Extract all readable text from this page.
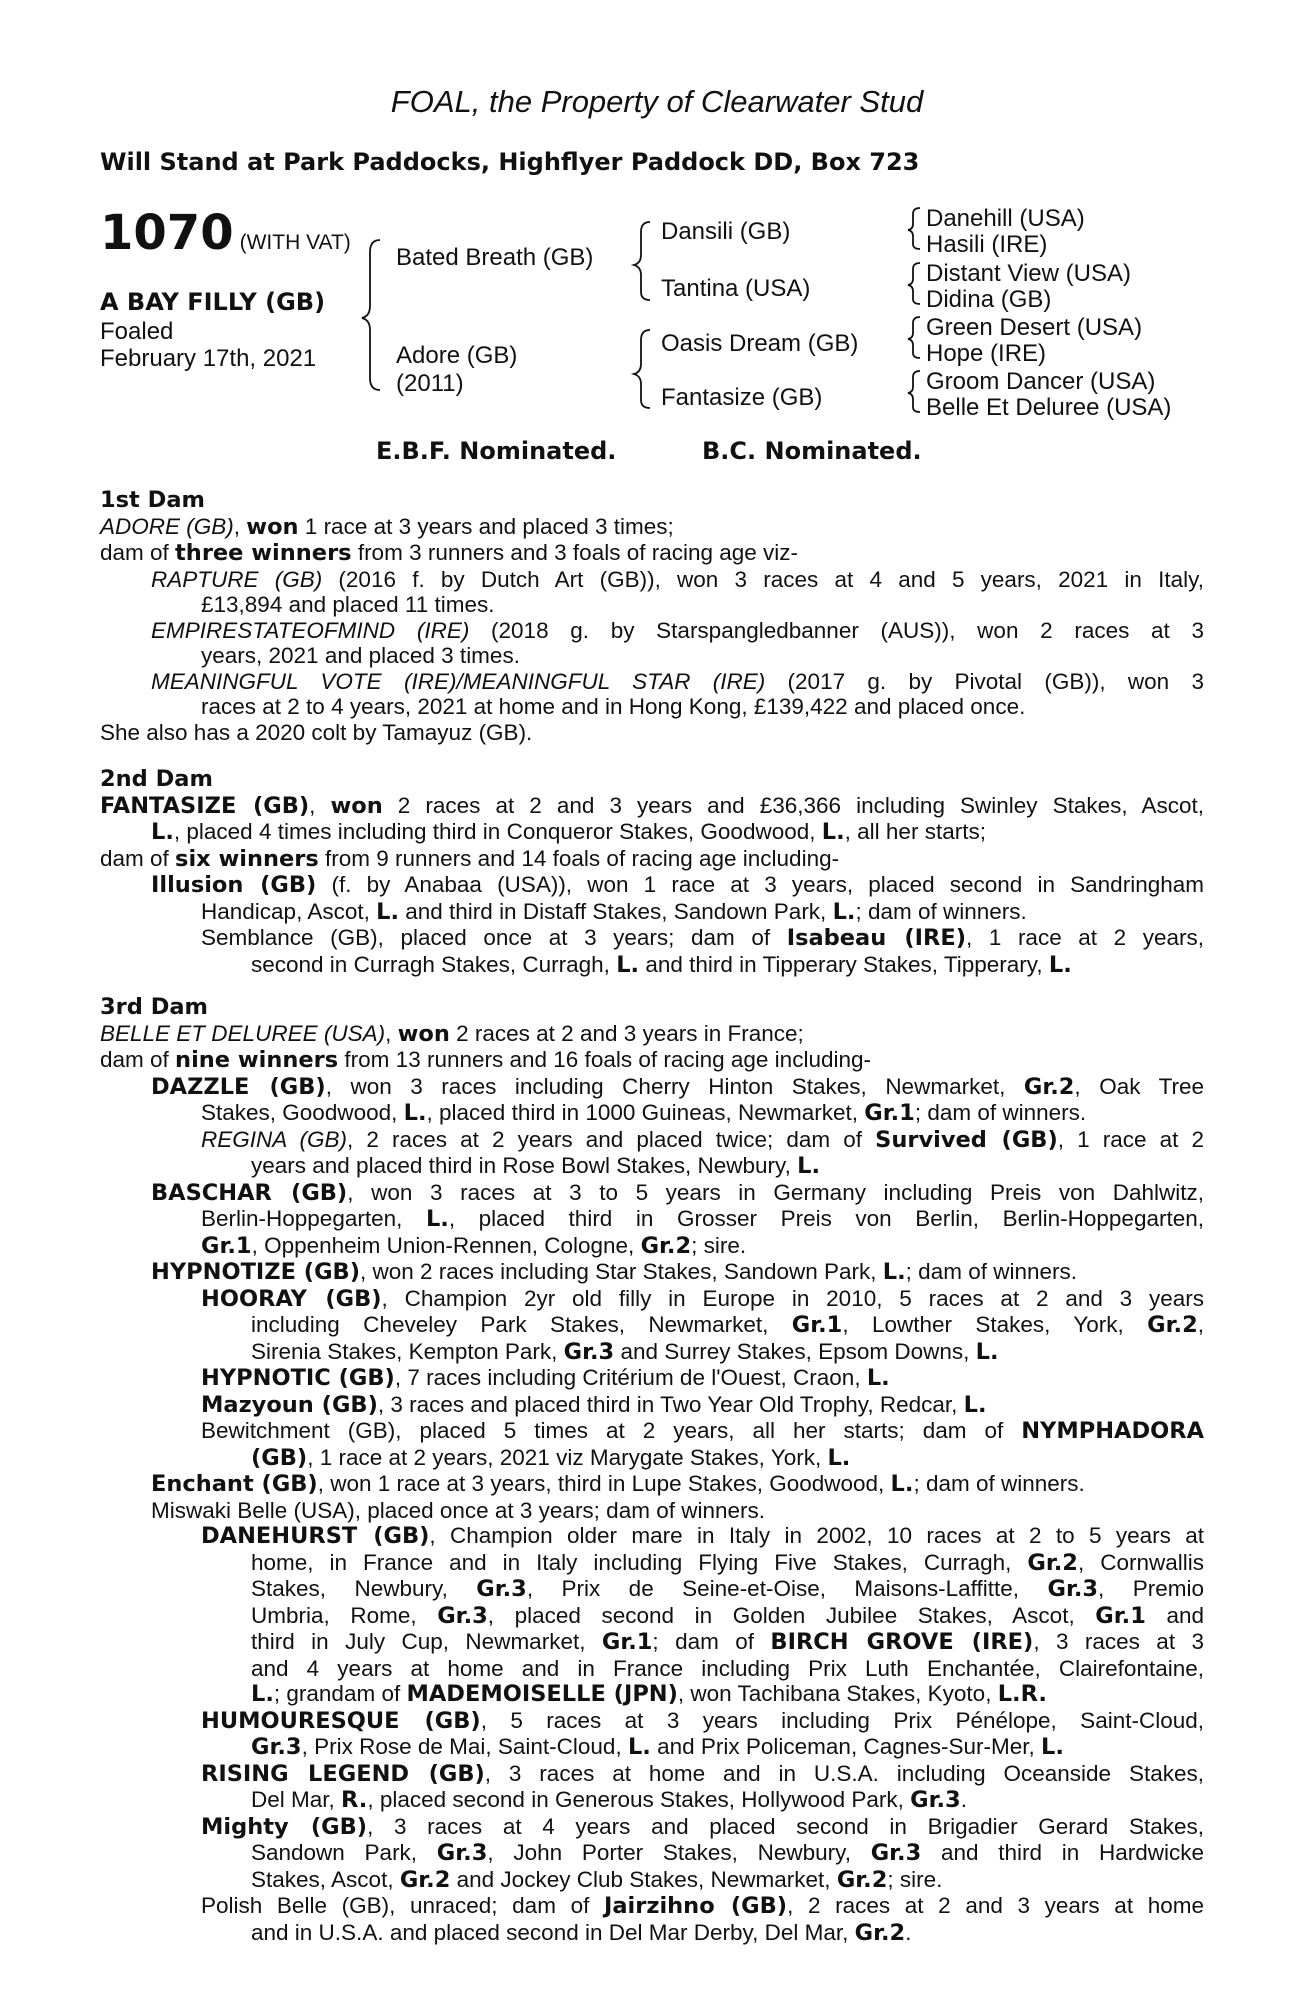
FOAL, the Property of Clearwater Stud
Will Stand at Park Paddocks, Highflyer Paddock DD, Box 723
1070 (WITH VAT)
A BAY FILLY (GB)
Foaled
February 17th, 2021
Bated Breath (GB)
Adore (GB)
(2011)
Dansili (GB)
Tantina (USA)
Oasis Dream (GB)
Fantasize (GB)
Danehill (USA)
Hasili (IRE)
Distant View (USA)
Didina (GB)
Green Desert (USA)
Hope (IRE)
Groom Dancer (USA)
Belle Et Deluree (USA)
E.B.F. Nominated.	B.C. Nominated.
1st Dam
ADORE (GB), won 1 race at 3 years and placed 3 times;
dam of three winners from 3 runners and 3 foals of racing age viz-
RAPTURE (GB) (2016 f. by Dutch Art (GB)), won 3 races at 4 and 5 years, 2021 in Italy,
£13,894 and placed 11 times.
EMPIRESTATEOFMIND (IRE) (2018 g. by Starspangledbanner (AUS)), won 2 races at 3
years, 2021 and placed 3 times.
MEANINGFUL VOTE (IRE)/MEANINGFUL STAR (IRE) (2017 g. by Pivotal (GB)), won 3
races at 2 to 4 years, 2021 at home and in Hong Kong, £139,422 and placed once.
She also has a 2020 colt by Tamayuz (GB).
2nd Dam
FANTASIZE (GB), won 2 races at 2 and 3 years and £36,366 including Swinley Stakes, Ascot,
L., placed 4 times including third in Conqueror Stakes, Goodwood, L., all her starts;
dam of six winners from 9 runners and 14 foals of racing age including-
Illusion (GB) (f. by Anabaa (USA)), won 1 race at 3 years, placed second in Sandringham
Handicap, Ascot, L. and third in Distaff Stakes, Sandown Park, L.; dam of winners.
Semblance (GB), placed once at 3 years; dam of Isabeau (IRE), 1 race at 2 years,
second in Curragh Stakes, Curragh, L. and third in Tipperary Stakes, Tipperary, L.
3rd Dam
BELLE ET DELUREE (USA), won 2 races at 2 and 3 years in France;
dam of nine winners from 13 runners and 16 foals of racing age including-
DAZZLE (GB), won 3 races including Cherry Hinton Stakes, Newmarket, Gr.2, Oak Tree
Stakes, Goodwood, L., placed third in 1000 Guineas, Newmarket, Gr.1; dam of winners.
REGINA (GB), 2 races at 2 years and placed twice; dam of Survived (GB), 1 race at 2
years and placed third in Rose Bowl Stakes, Newbury, L.
BASCHAR (GB), won 3 races at 3 to 5 years in Germany including Preis von Dahlwitz,
Berlin-Hoppegarten, L., placed third in Grosser Preis von Berlin, Berlin-Hoppegarten,
Gr.1, Oppenheim Union-Rennen, Cologne, Gr.2; sire.
HYPNOTIZE (GB), won 2 races including Star Stakes, Sandown Park, L.; dam of winners.
HOORAY (GB), Champion 2yr old filly in Europe in 2010, 5 races at 2 and 3 years
including Cheveley Park Stakes, Newmarket, Gr.1, Lowther Stakes, York, Gr.2,
Sirenia Stakes, Kempton Park, Gr.3 and Surrey Stakes, Epsom Downs, L.
HYPNOTIC (GB), 7 races including Critérium de l'Ouest, Craon, L.
Mazyoun (GB), 3 races and placed third in Two Year Old Trophy, Redcar, L.
Bewitchment (GB), placed 5 times at 2 years, all her starts; dam of NYMPHADORA
(GB), 1 race at 2 years, 2021 viz Marygate Stakes, York, L.
Enchant (GB), won 1 race at 3 years, third in Lupe Stakes, Goodwood, L.; dam of winners.
Miswaki Belle (USA), placed once at 3 years; dam of winners.
DANEHURST (GB), Champion older mare in Italy in 2002, 10 races at 2 to 5 years at
home, in France and in Italy including Flying Five Stakes, Curragh, Gr.2, Cornwallis
Stakes, Newbury, Gr.3, Prix de Seine-et-Oise, Maisons-Laffitte, Gr.3, Premio
Umbria, Rome, Gr.3, placed second in Golden Jubilee Stakes, Ascot, Gr.1 and
third in July Cup, Newmarket, Gr.1; dam of BIRCH GROVE (IRE), 3 races at 3
and 4 years at home and in France including Prix Luth Enchantée, Clairefontaine,
L.; grandam of MADEMOISELLE (JPN), won Tachibana Stakes, Kyoto, L.R.
HUMOURESQUE (GB), 5 races at 3 years including Prix Pénélope, Saint-Cloud,
Gr.3, Prix Rose de Mai, Saint-Cloud, L. and Prix Policeman, Cagnes-Sur-Mer, L.
RISING LEGEND (GB), 3 races at home and in U.S.A. including Oceanside Stakes,
Del Mar, R., placed second in Generous Stakes, Hollywood Park, Gr.3.
Mighty (GB), 3 races at 4 years and placed second in Brigadier Gerard Stakes,
Sandown Park, Gr.3, John Porter Stakes, Newbury, Gr.3 and third in Hardwicke
Stakes, Ascot, Gr.2 and Jockey Club Stakes, Newmarket, Gr.2; sire.
Polish Belle (GB), unraced; dam of Jairzihno (GB), 2 races at 2 and 3 years at home
and in U.S.A. and placed second in Del Mar Derby, Del Mar, Gr.2.
